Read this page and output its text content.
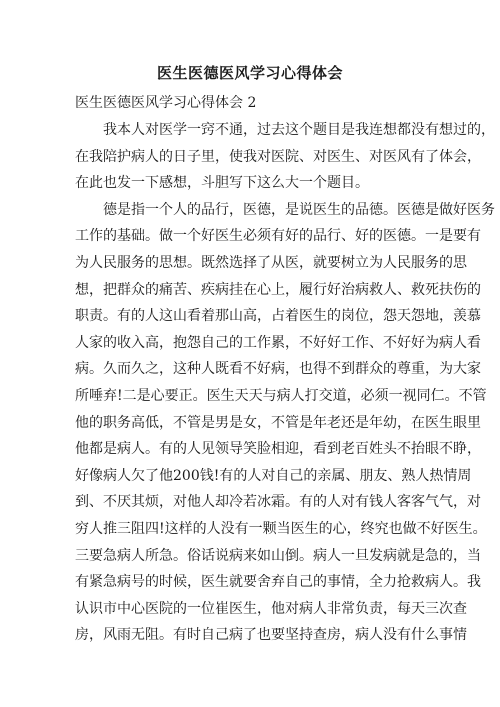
医生医德医风学习心得体会
医生医德医风学习心得体会 2

我 本 人 对 医 学 一 窍 不 通 ， 过 去 这 个 题 目 是 我 连 想 都 没 有 想 过 的 ，
在 我 陪 护 病 人 的 日 子 里 ， 使 我 对 医 院 、 对 医 生 、 对 医 风 有 了 体 会 ，
在此也发一下感想，斗胆写下这么大一个题目。

德 是 指 一 个 人 的 品 行 ， 医 德 ， 是 说 医 生 的 品 德 。 医 德 是 做 好 医 务
工 作 的 基 础 。 做 一 个 好 医 生 必 须 有 好 的 品 行 、 好 的 医 德 。 一 是 要 有
为 人 民 服 务 的 思 想 。 既 然 选 择 了 从 医 ， 就 要 树 立 为 人 民 服 务 的 思
想 ， 把 群 众 的 痛 苦 、 疾 病 挂 在 心 上 ， 履 行 好 治 病 救 人 、 救 死 扶 伤 的
职 责 。 有 的 人 这 山 看 着 那 山 高 ， 占 着 医 生 的 岗 位 ， 怨 天 怨 地 ， 羡 慕
人 家 的 收 入 高 ， 抱 怨 自 己 的 工 作 累 ， 不 好 好 工 作 、 不 好 好 为 病 人 看
病 。 久 而 久 之 ， 这 种 人 既 看 不 好 病 ， 也 得 不 到 群 众 的 尊 重 ， 为 大 家
所 唾 弃 ! 二 是 心 要 正 。 医 生 天 天 与 病 人 打 交 道 ， 必 须 一 视 同 仁 。 不 管
他 的 职 务 高 低 ， 不 管 是 男 是 女 ， 不 管 是 年 老 还 是 年 幼 ， 在 医 生 眼 里
他 都 是 病 人 。 有 的 人 见 领 导 笑 脸 相 迎 ， 看 到 老 百 姓 头 不 抬 眼 不 睁 ，
好 像 病 人 欠 了 他 2 0 0 钱 ! 有 的 人 对 自 己 的 亲 属 、 朋 友 、 熟 人 热 情 周
到 、 不 厌 其 烦 ， 对 他 人 却 冷 若 冰 霜 。 有 的 人 对 有 钱 人 客 客 气 气 ， 对
穷 人 推 三 阻 四 ! 这 样 的 人 没 有 一 颗 当 医 生 的 心 ， 终 究 也 做 不 好 医 生 。
三 要 急 病 人 所 急 。 俗 话 说 病 来 如 山 倒 。 病 人 一 旦 发 病 就 是 急 的 ， 当
有 紧 急 病 号 的 时 候 ， 医 生 就 要 舍 弃 自 己 的 事 情 ， 全 力 抢 救 病 人 。 我
认 识 市 中 心 医 院 的 一 位 崔 医 生 ， 他 对 病 人 非 常 负 责 ， 每 天 三 次 查
房 ， 风 雨 无 阻 。 有 时 自 己 病 了 也 要 坚 持 查 房 ， 病 人 没 有 什 么 事 情
